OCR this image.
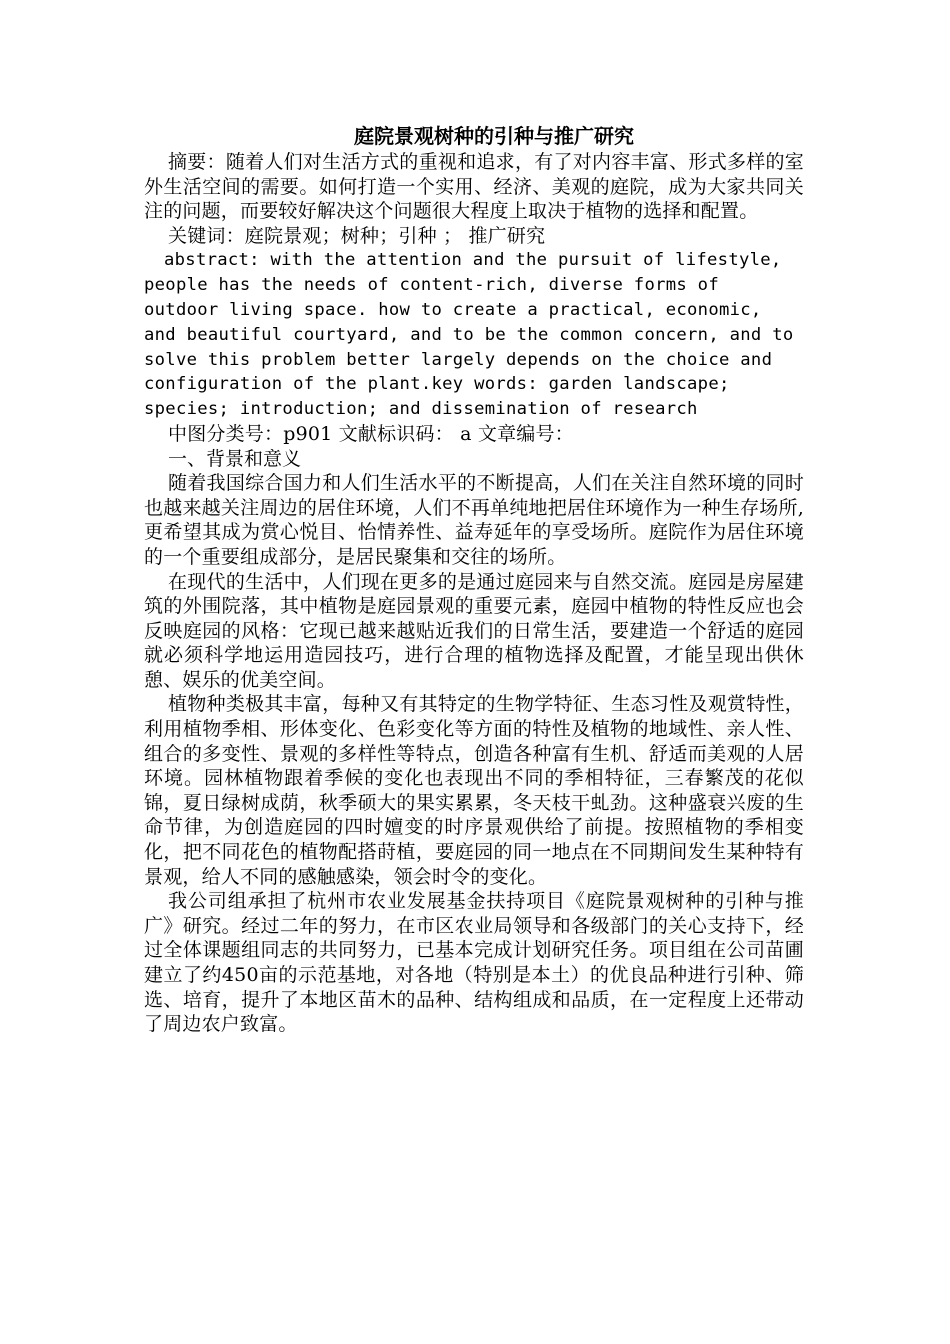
庭院景观树种的引种与推广研究

摘要：随着人们对生活方式的重视和追求，有了对内容丰富、形式多样的室外生活空间的需要。如何打造一个实用、经济、美观的庭院，成为大家共同关注的问题，而要较好解决这个问题很大程度上取决于植物的选择和配置。

关键词：庭院景观；树种；引种 ； 推广研究

abstract: with the attention and the pursuit of lifestyle, people has the needs of content-rich, diverse forms of outdoor living space. how to create a practical, economic, and beautiful courtyard, and to be the common concern, and to solve this problem better largely depends on the choice and configuration of the plant.key words: garden landscape; species; introduction; and dissemination of research

中图分类号：p901 文献标识码： a 文章编号：

一、背景和意义

随着我国综合国力和人们生活水平的不断提高，人们在关注自然环境的同时也越来越关注周边的居住环境，人们不再单纯地把居住环境作为一种生存场所,更希望其成为赏心悦目、怡情养性、益寿延年的享受场所。庭院作为居住环境的一个重要组成部分，是居民聚集和交往的场所。

在现代的生活中，人们现在更多的是通过庭园来与自然交流。庭园是房屋建筑的外围院落，其中植物是庭园景观的重要元素，庭园中植物的特性反应也会反映庭园的风格：它现已越来越贴近我们的日常生活，要建造一个舒适的庭园就必须科学地运用造园技巧，进行合理的植物选择及配置，才能呈现出供休憩、娱乐的优美空间。

植物种类极其丰富，每种又有其特定的生物学特征、生态习性及观赏特性，利用植物季相、形体变化、色彩变化等方面的特性及植物的地域性、亲人性、组合的多变性、景观的多样性等特点，创造各种富有生机、舒适而美观的人居环境。园林植物跟着季候的变化也表现出不同的季相特征，三春繁茂的花似锦，夏日绿树成荫，秋季硕大的果实累累，冬天枝干虬劲。这种盛衰兴废的生命节律，为创造庭园的四时嬗变的时序景观供给了前提。按照植物的季相变化，把不同花色的植物配搭莳植，要庭园的同一地点在不同期间发生某种特有景观，给人不同的感触感染，领会时令的变化。

我公司组承担了杭州市农业发展基金扶持项目《庭院景观树种的引种与推广》研究。经过二年的努力，在市区农业局领导和各级部门的关心支持下，经过全体课题组同志的共同努力，已基本完成计划研究任务。项目组在公司苗圃建立了约450亩的示范基地，对各地（特别是本土）的优良品种进行引种、筛选、培育，提升了本地区苗木的品种、结构组成和品质，在一定程度上还带动了周边农户致富。
